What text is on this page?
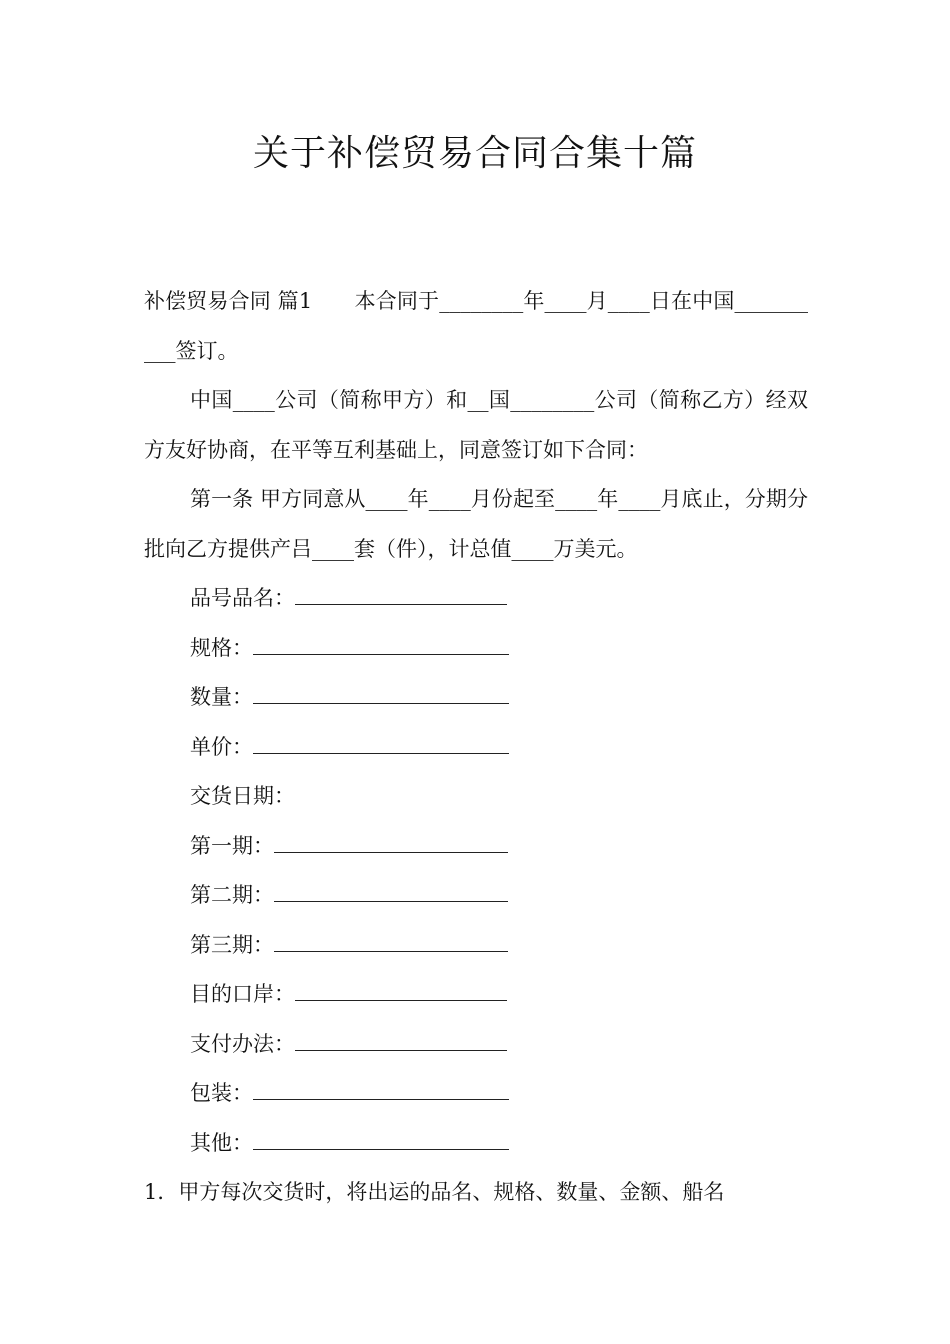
关于补偿贸易合同合集十篇

补偿贸易合同 篇1　　本合同于________年____月____日在中国__________签订。

中国____公司（简称甲方）和__国________公司（简称乙方）经双方友好协商，在平等互利基础上，同意签订如下合同：

第一条 甲方同意从____年____月份起至____年____月底止，分期分批向乙方提供产吕____套（件），计总值____万美元。

品号品名：
规格：
数量：
单价：
交货日期：
第一期：
第二期：
第三期：
目的口岸：
支付办法：
包装：
其他：

1．甲方每次交货时，将出运的品名、规格、数量、金额、船名
